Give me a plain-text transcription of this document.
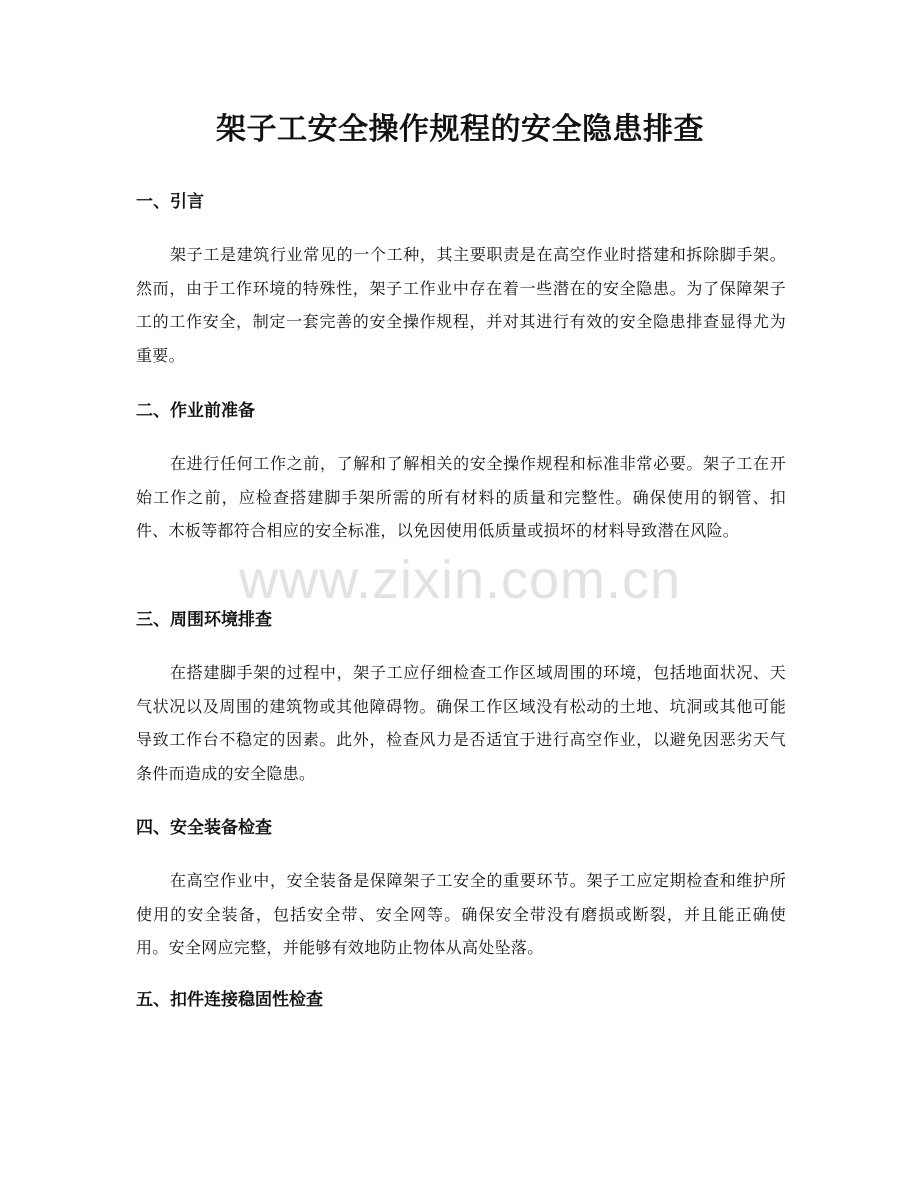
架子工安全操作规程的安全隐患排查
一、引言

架子工是建筑行业常见的一个工种，其主要职责是在高空作业时搭建和拆除脚手架。然而，由于工作环境的特殊性，架子工作业中存在着一些潜在的安全隐患。为了保障架子工的工作安全，制定一套完善的安全操作规程，并对其进行有效的安全隐患排查显得尤为重要。

二、作业前准备

在进行任何工作之前，了解和了解相关的安全操作规程和标准非常必要。架子工在开始工作之前，应检查搭建脚手架所需的所有材料的质量和完整性。确保使用的钢管、扣件、木板等都符合相应的安全标准，以免因使用低质量或损坏的材料导致潜在风险。

三、周围环境排查

在搭建脚手架的过程中，架子工应仔细检查工作区域周围的环境，包括地面状况、天气状况以及周围的建筑物或其他障碍物。确保工作区域没有松动的土地、坑洞或其他可能导致工作台不稳定的因素。此外，检查风力是否适宜于进行高空作业，以避免因恶劣天气条件而造成的安全隐患。

四、安全装备检查

在高空作业中，安全装备是保障架子工安全的重要环节。架子工应定期检查和维护所使用的安全装备，包括安全带、安全网等。确保安全带没有磨损或断裂，并且能正确使用。安全网应完整，并能够有效地防止物体从高处坠落。

五、扣件连接稳固性检查
www.zixin.com.cn
